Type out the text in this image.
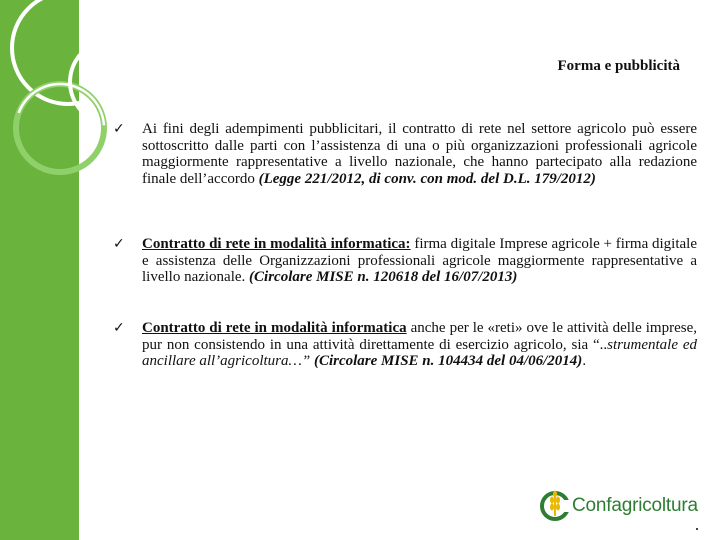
Forma e pubblicità
✓ Ai fini degli adempimenti pubblicitari, il contratto di rete nel settore agricolo può essere sottoscritto dalle parti con l’assistenza di una o più organizzazioni professionali agricole maggiormente rappresentative a livello nazionale, che hanno partecipato alla redazione finale dell’accordo (Legge 221/2012, di conv. con mod. del D.L. 179/2012)
✓ Contratto di rete in modalità informatica: firma digitale Imprese agricole + firma digitale e assistenza delle Organizzazioni professionali agricole maggiormente rappresentative a livello nazionale. (Circolare MISE n. 120618 del 16/07/2013)
✓ Contratto di rete in modalità informatica anche per le «reti» ove le attività delle imprese, pur non consistendo in una attività direttamente di esercizio agricolo, sia “..strumentale ed ancillare all’agricoltura…” (Circolare MISE n. 104434 del 04/06/2014).
Confagricoltura
